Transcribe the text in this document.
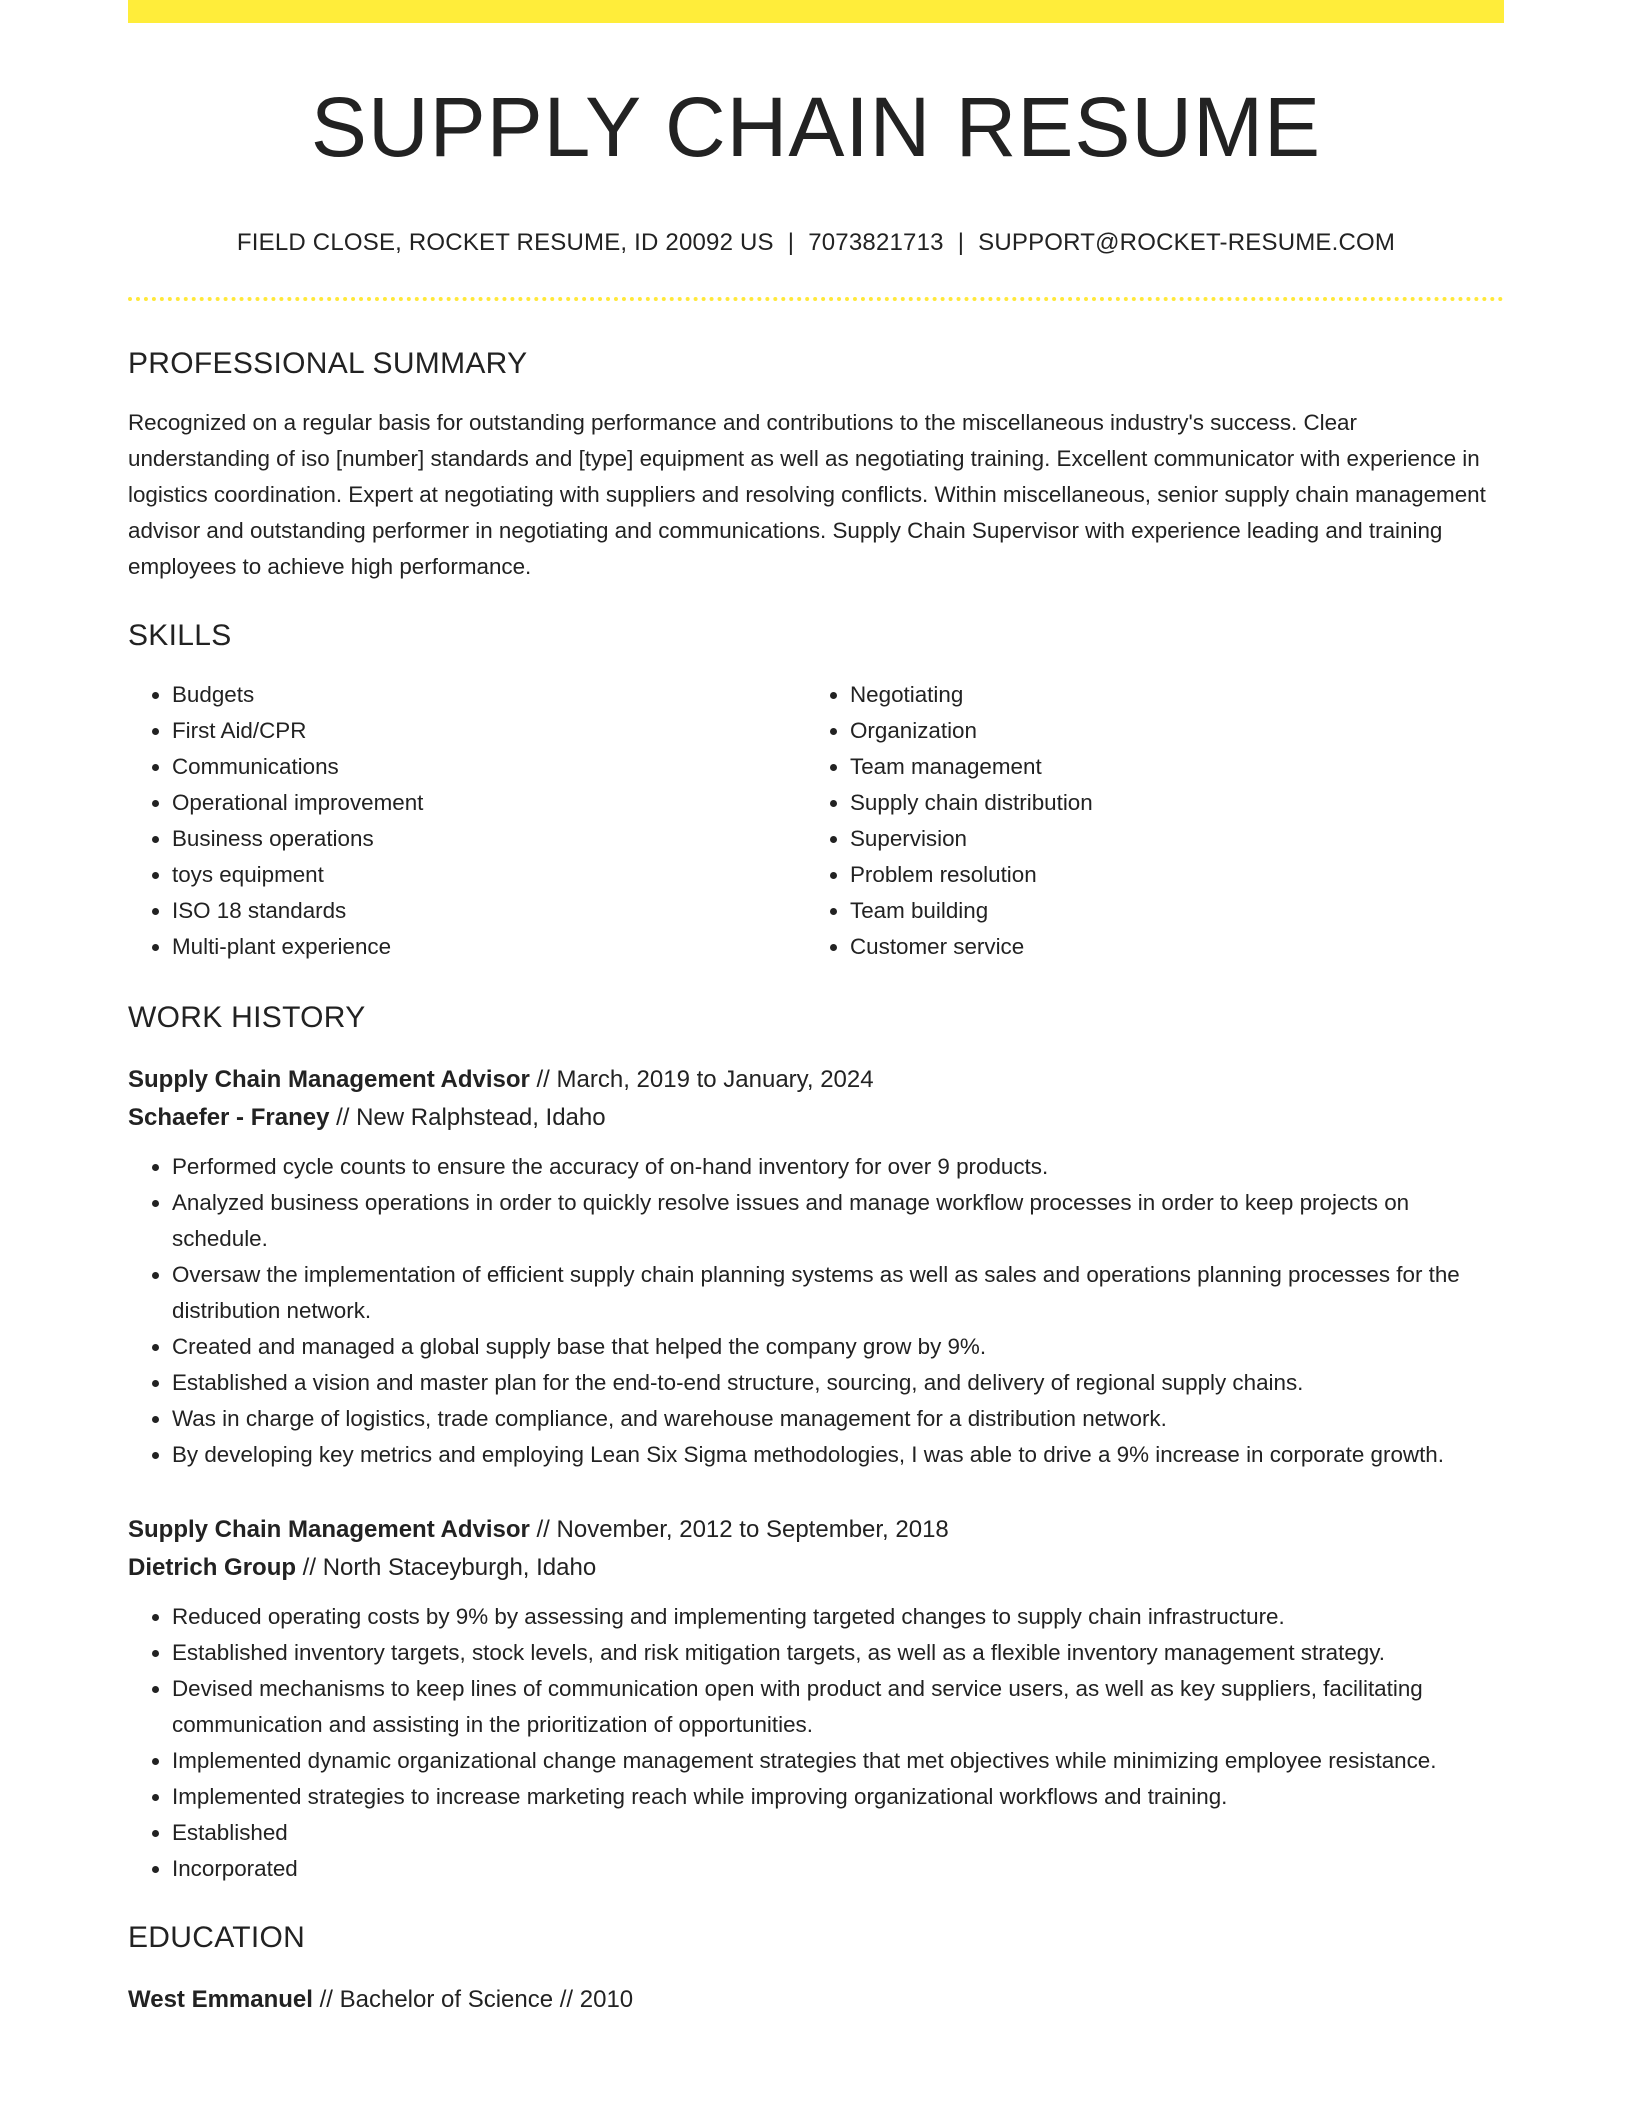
SUPPLY CHAIN RESUME
FIELD CLOSE, ROCKET RESUME, ID 20092 US | 7073821713 | SUPPORT@ROCKET-RESUME.COM
PROFESSIONAL SUMMARY
Recognized on a regular basis for outstanding performance and contributions to the miscellaneous industry's success. Clear understanding of iso [number] standards and [type] equipment as well as negotiating training. Excellent communicator with experience in logistics coordination. Expert at negotiating with suppliers and resolving conflicts. Within miscellaneous, senior supply chain management advisor and outstanding performer in negotiating and communications. Supply Chain Supervisor with experience leading and training employees to achieve high performance.
SKILLS
• Budgets
• First Aid/CPR
• Communications
• Operational improvement
• Business operations
• toys equipment
• ISO 18 standards
• Multi-plant experience
• Negotiating
• Organization
• Team management
• Supply chain distribution
• Supervision
• Problem resolution
• Team building
• Customer service
WORK HISTORY
Supply Chain Management Advisor // March, 2019 to January, 2024
Schaefer - Franey // New Ralphstead, Idaho
• Performed cycle counts to ensure the accuracy of on-hand inventory for over 9 products.
• Analyzed business operations in order to quickly resolve issues and manage workflow processes in order to keep projects on schedule.
• Oversaw the implementation of efficient supply chain planning systems as well as sales and operations planning processes for the distribution network.
• Created and managed a global supply base that helped the company grow by 9%.
• Established a vision and master plan for the end-to-end structure, sourcing, and delivery of regional supply chains.
• Was in charge of logistics, trade compliance, and warehouse management for a distribution network.
• By developing key metrics and employing Lean Six Sigma methodologies, I was able to drive a 9% increase in corporate growth.
Supply Chain Management Advisor // November, 2012 to September, 2018
Dietrich Group // North Staceyburgh, Idaho
• Reduced operating costs by 9% by assessing and implementing targeted changes to supply chain infrastructure.
• Established inventory targets, stock levels, and risk mitigation targets, as well as a flexible inventory management strategy.
• Devised mechanisms to keep lines of communication open with product and service users, as well as key suppliers, facilitating communication and assisting in the prioritization of opportunities.
• Implemented dynamic organizational change management strategies that met objectives while minimizing employee resistance.
• Implemented strategies to increase marketing reach while improving organizational workflows and training.
• Established
• Incorporated
EDUCATION
West Emmanuel // Bachelor of Science // 2010
